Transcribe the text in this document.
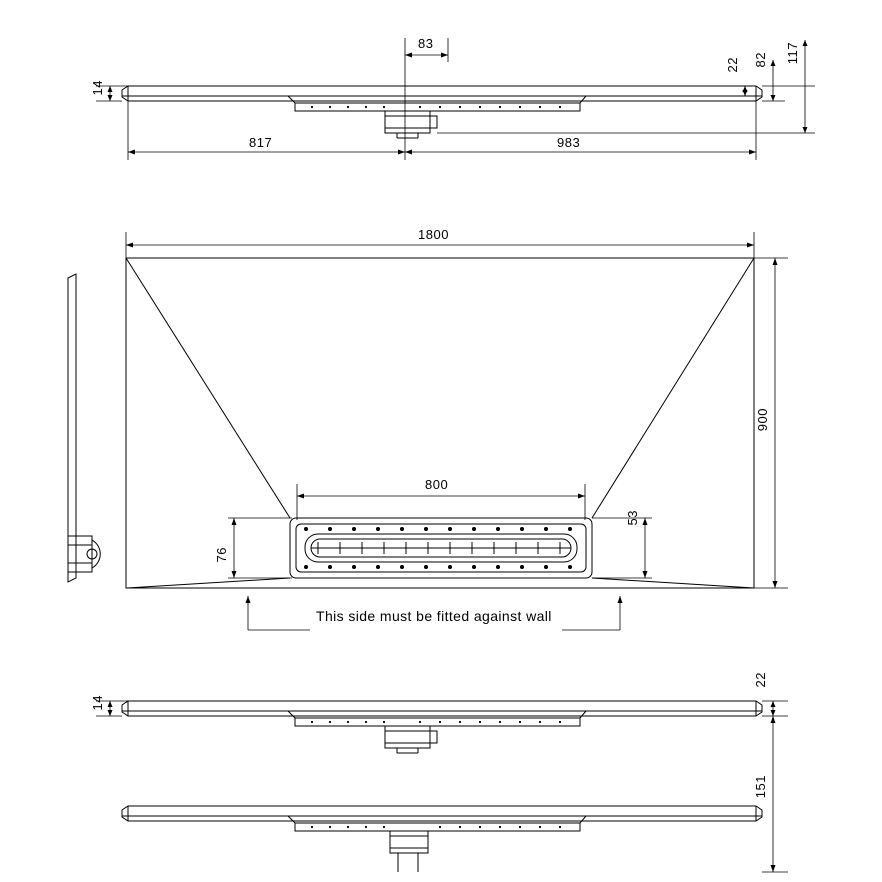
14
83
22 82 117
817	983
1800
900
800
76
53
This side must be fitted against wall
14
22
151
